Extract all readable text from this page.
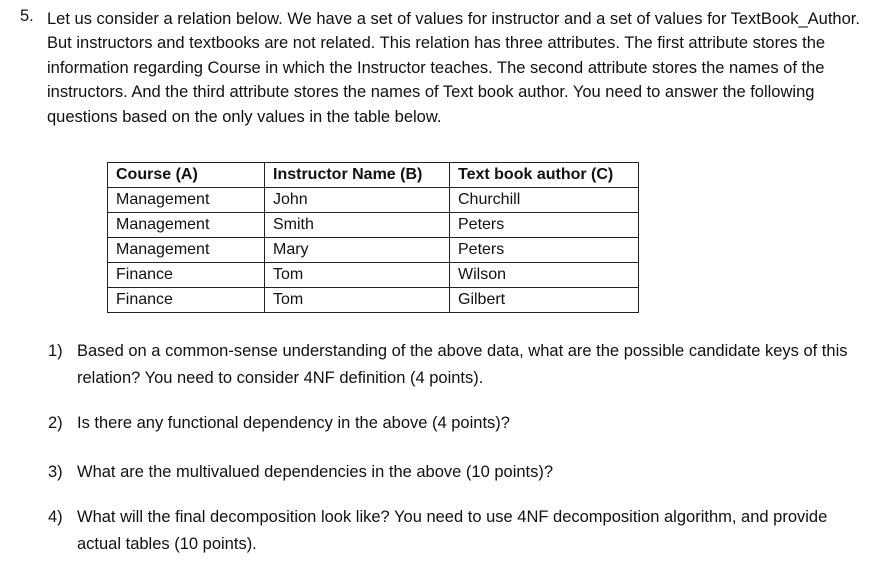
5. Let us consider a relation below. We have a set of values for instructor and a set of values for TextBook_Author. But instructors and textbooks are not related. This relation has three attributes. The first attribute stores the information regarding Course in which the Instructor teaches. The second attribute stores the names of the instructors. And the third attribute stores the names of Text book author. You need to answer the following questions based on the only values in the table below.

Course (A)	Instructor Name (B)	Text book author (C)
Management	John	Churchill
Management	Smith	Peters
Management	Mary	Peters
Finance	Tom	Wilson
Finance	Tom	Gilbert
1) Based on a common-sense understanding of the above data, what are the possible candidate keys of this relation? You need to consider 4NF definition (4 points).
2) Is there any functional dependency in the above (4 points)?
3) What are the multivalued dependencies in the above (10 points)?
4) What will the final decomposition look like? You need to use 4NF decomposition algorithm, and provide actual tables (10 points).
